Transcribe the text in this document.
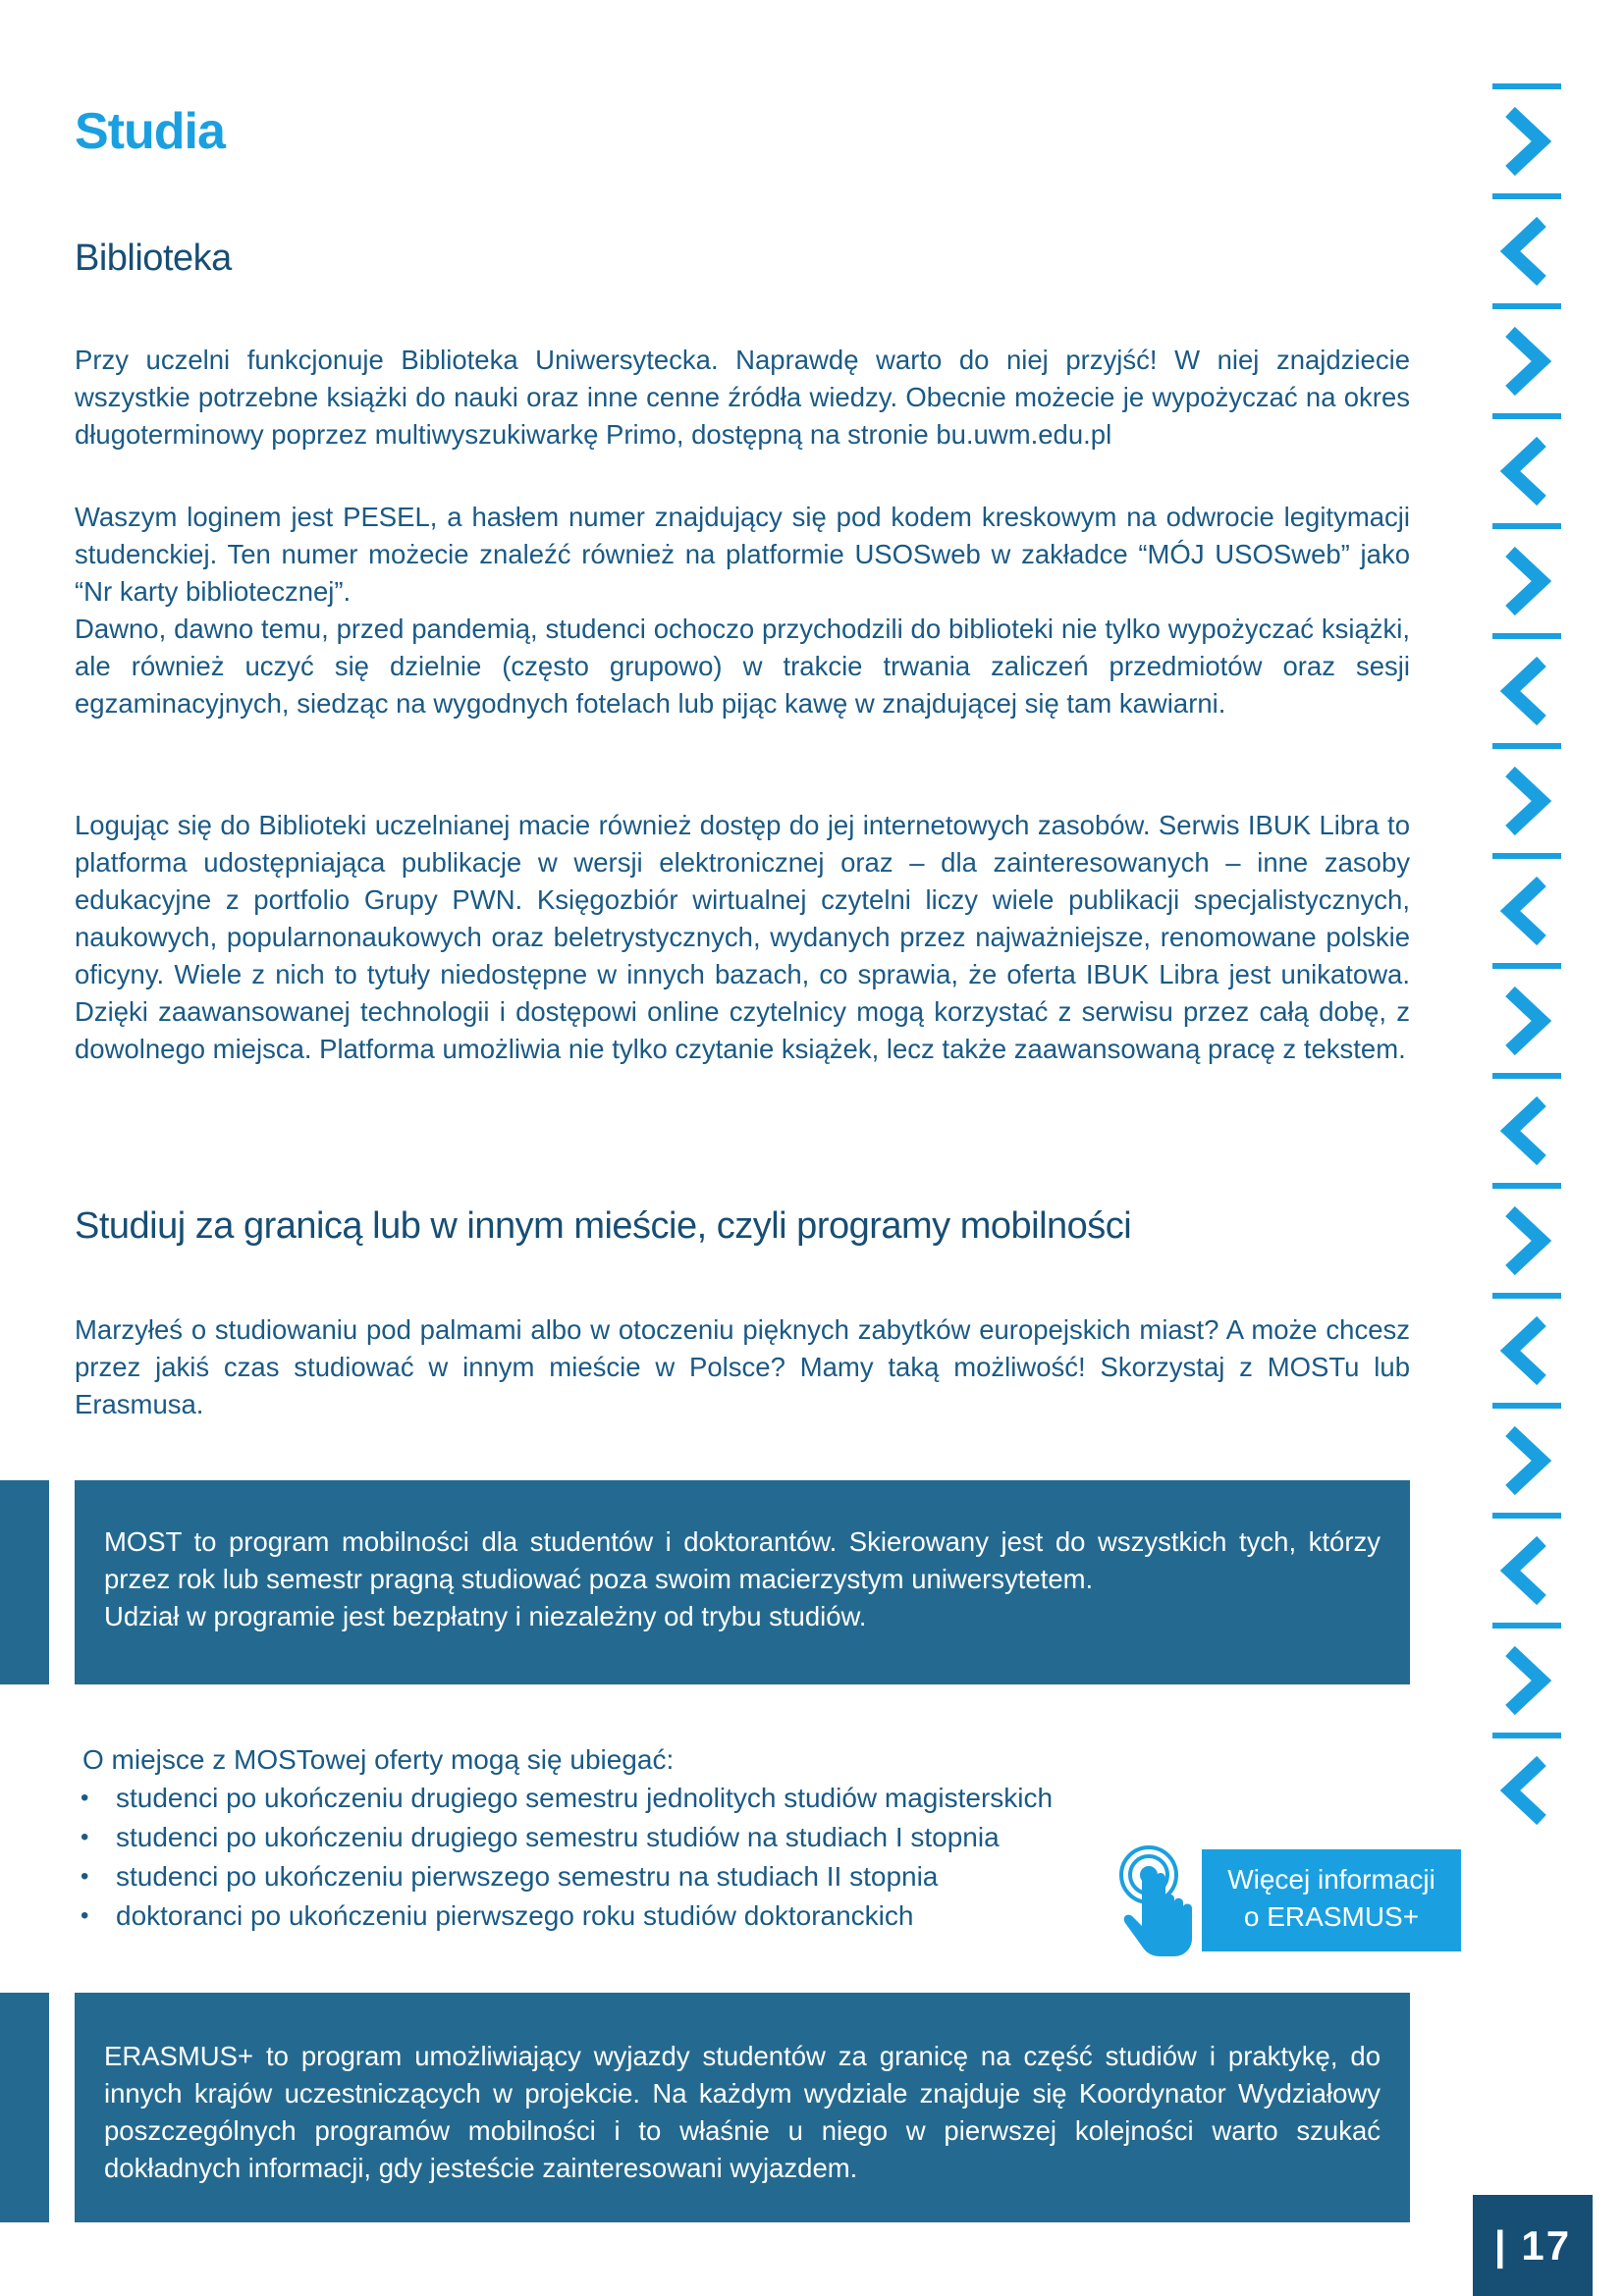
Studia
Biblioteka

Przy uczelni funkcjonuje Biblioteka Uniwersytecka. Naprawdę warto do niej przyjść! W niej znajdziecie wszystkie potrzebne książki do nauki oraz inne cenne źródła wiedzy. Obecnie możecie je wypożyczać na okres długoterminowy poprzez multiwyszukiwarkę Primo, dostępną na stronie bu.uwm.edu.pl

Waszym loginem jest PESEL, a hasłem numer znajdujący się pod kodem kreskowym na odwrocie legitymacji studenckiej. Ten numer możecie znaleźć również na platformie USOSweb w zakładce “MÓJ USOSweb” jako “Nr karty bibliotecznej”.

Dawno, dawno temu, przed pandemią, studenci ochoczo przychodzili do biblioteki nie tylko wypożyczać książki, ale również uczyć się dzielnie (często grupowo) w trakcie trwania zaliczeń przedmiotów oraz sesji egzaminacyjnych, siedząc na wygodnych fotelach lub pijąc kawę w znajdującej się tam kawiarni.

Logując się do Biblioteki uczelnianej macie również dostęp do jej internetowych zasobów. Serwis IBUK Libra to platforma udostępniająca publikacje w wersji elektronicznej oraz – dla zainteresowanych – inne zasoby edukacyjne z portfolio Grupy PWN. Księgozbiór wirtualnej czytelni liczy wiele publikacji specjalistycznych, naukowych, popularnonaukowych oraz beletrystycznych, wydanych przez najważniejsze, renomowane polskie oficyny. Wiele z nich to tytuły niedostępne w innych bazach, co sprawia, że oferta IBUK Libra jest unikatowa. Dzięki zaawansowanej technologii i dostępowi online czytelnicy mogą korzystać z serwisu przez całą dobę, z dowolnego miejsca. Platforma umożliwia nie tylko czytanie książek, lecz także zaawansowaną pracę z tekstem.

Studiuj za granicą lub w innym mieście, czyli programy mobilności

Marzyłeś o studiowaniu pod palmami albo w otoczeniu pięknych zabytków europejskich miast? A może chcesz przez jakiś czas studiować w innym mieście w Polsce? Mamy taką możliwość! Skorzystaj z MOSTu lub Erasmusa.

MOST to program mobilności dla studentów i doktorantów. Skierowany jest do wszystkich tych, którzy przez rok lub semestr pragną studiować poza swoim macierzystym uniwersytetem.

Udział w programie jest bezpłatny i niezależny od trybu studiów.

O miejsce z MOSTowej oferty mogą się ubiegać:
• studenci po ukończeniu drugiego semestru jednolitych studiów magisterskich
• studenci po ukończeniu drugiego semestru studiów na studiach I stopnia
• studenci po ukończeniu pierwszego semestru na studiach II stopnia
• doktoranci po ukończeniu pierwszego roku studiów doktoranckich
Więcej informacji
o ERASMUS+

ERASMUS+ to program umożliwiający wyjazdy studentów za granicę na część studiów i praktykę, do innych krajów uczestniczących w projekcie. Na każdym wydziale znajduje się Koordynator Wydziałowy poszczególnych programów mobilności i to właśnie u niego w pierwszej kolejności warto szukać dokładnych informacji, gdy jesteście zainteresowani wyjazdem.

| 17
